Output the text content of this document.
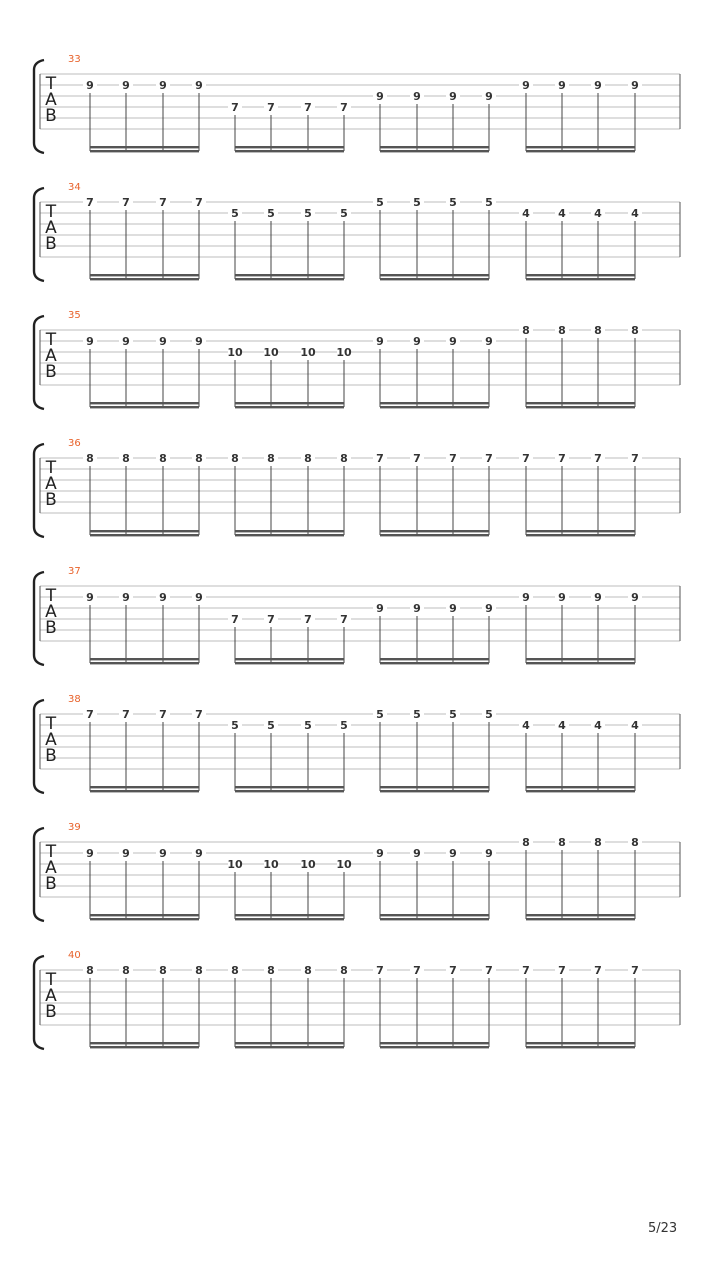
33
T
A
B
9	9	9	9
7	7	7	7
9	9	9	9
9	9	9	9
34
T
A
B
7	7	7	7
5	5	5	5
5	5	5	5
4	4	4	4
35
T
A
B
9	9	9	9
10 10 10 10
9	9	9	9
8	8	8	8
36
T
A
B
8	8	8	8	8	8	8	8	7	7	7	7	7	7	7	7
37
T
A
B
9	9	9	9
7	7	7	7
9	9	9	9
9	9	9	9
38
T
A
B
7	7	7	7
5	5	5	5
5	5	5	5
4	4	4	4
39
T
A
B
9	9	9	9
10 10 10 10
9	9	9	9
8	8	8	8
40
T
A
B
8	8	8	8	8	8	8	8	7	7	7	7	7	7	7	7
5/23
